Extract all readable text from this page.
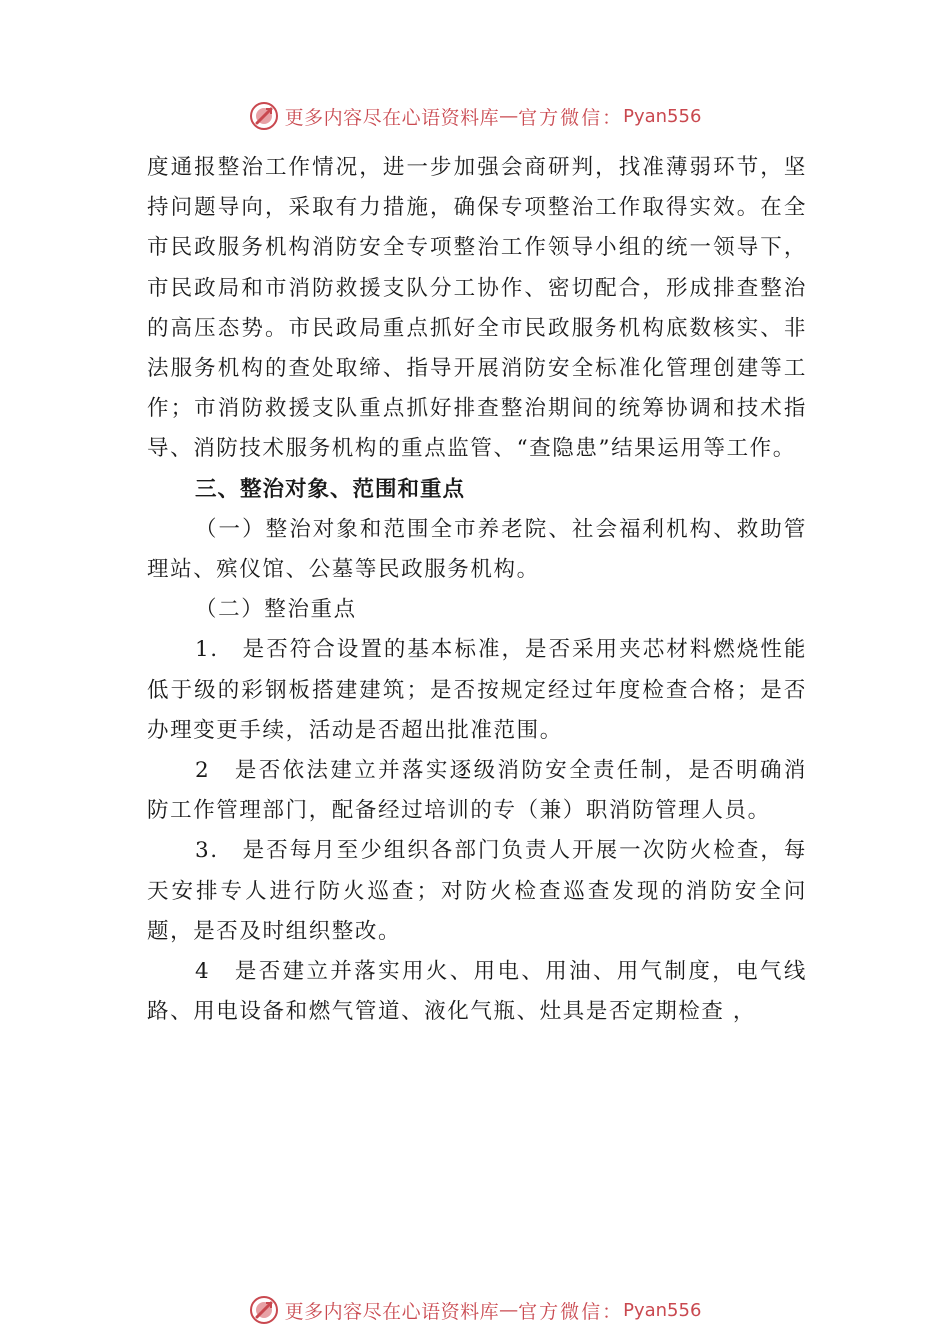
更多内容尽在心语资料库 — 官方微信： Pyan556

度通报整治工作情况，进一步加强会商研判，找准薄弱环节，坚持问题导向，采取有力措施，确保专项整治工作取得实效。在全市民政服务机构消防安全专项整治工作领导小组的统一领导下，市民政局和市消防救援支队分工协作、密切配合，形成排查整治的高压态势。市民政局重点抓好全市民政服务机构底数核实、非法服务机构的查处取缔、指导开展消防安全标准化管理创建等工作；市消防救援支队重点抓好排查整治期间的统筹协调和技术指导、消防技术服务机构的重点监管、“查隐患”结果运用等工作。

三、整治对象、范围和重点

（一）整治对象和范围全市养老院、社会福利机构、救助管理站、殡仪馆、公墓等民政服务机构。

（二）整治重点

1.　是否符合设置的基本标准，是否采用夹芯材料燃烧性能低于级的彩钢板搭建建筑；是否按规定经过年度检查合格；是否办理变更手续，活动是否超出批准范围。

2　是否依法建立并落实逐级消防安全责任制，是否明确消防工作管理部门，配备经过培训的专（兼）职消防管理人员。

3.　是否每月至少组织各部门负责人开展一次防火检查，每天安排专人进行防火巡查；对防火检查巡查发现的消防安全问题，是否及时组织整改。

4　是否建立并落实用火、用电、用油、用气制度，电气线路、用电设备和燃气管道、液化气瓶、灶具是否定期检查 ，

更多内容尽在心语资料库 — 官方微信： Pyan556
